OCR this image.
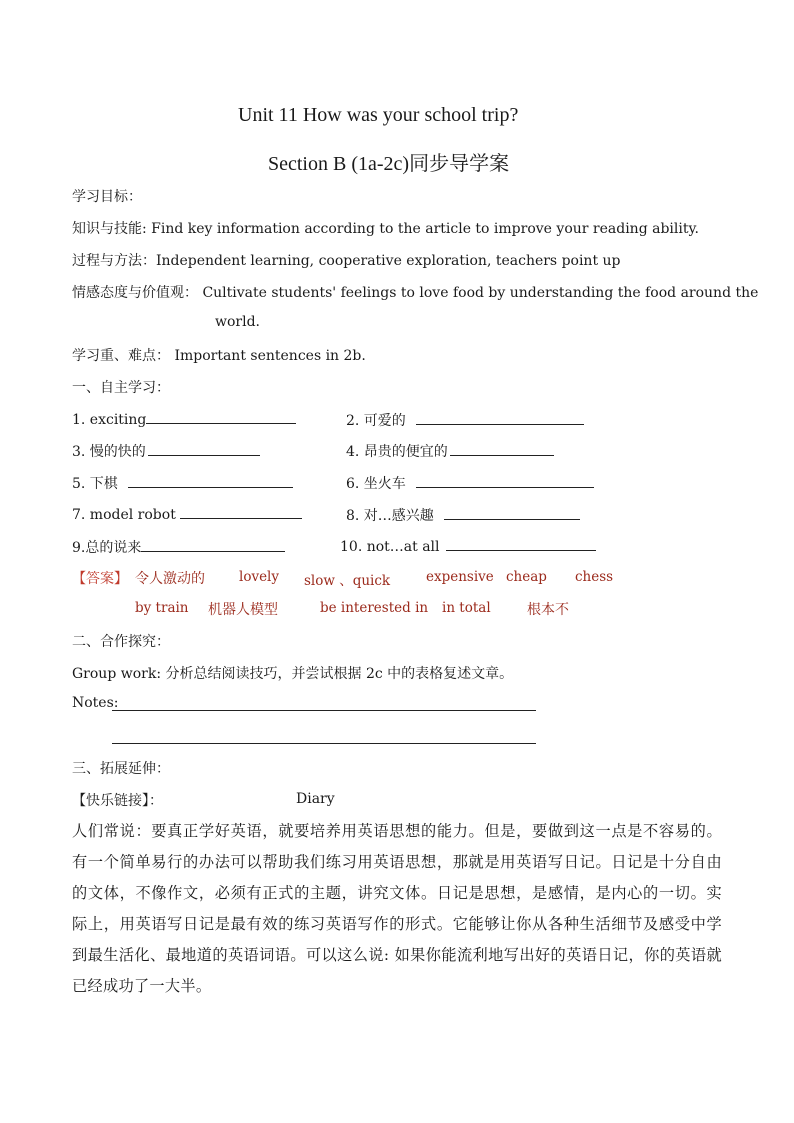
Unit 11 How was your school trip?
Section B (1a-2c)同步导学案
学习目标：
知识与技能: Find key information according to the article to improve your reading ability.
过程与方法：Independent learning, cooperative exploration, teachers point up
情感态度与价值观： Cultivate students' feelings to love food by understanding the food around the
world.
学习重、难点： Important sentences in 2b.
一、自主学习：
1. exciting	2. 可爱的
3. 慢的快的	4. 昂贵的便宜的
5. 下棋	6. 坐火车
7. model robot	8. 对…感兴趣
9.总的说来	10. not…at all
【答案】 令人激动的	lovely slow 、quick	expensive cheap chess
by train 机器人模型	be interested in in total	根本不
二、合作探究：
Group work: 分析总结阅读技巧，并尝试根据 2c 中的表格复述文章。
Notes:
三、拓展延伸：
【快乐链接】：	Diary
人们常说：要真正学好英语，就要培养用英语思想的能力。但是，要做到这一点是不容易的。有一个简单易行的办法可以帮助我们练习用英语思想，那就是用英语写日记。日记是十分自由的文体，不像作文，必须有正式的主题，讲究文体。日记是思想，是感情，是内心的一切。实际上，用英语写日记是最有效的练习英语写作的形式。它能够让你从各种生活细节及感受中学到最生活化、最地道的英语词语。可以这么说: 如果你能流利地写出好的英语日记，你的英语就已经成功了一大半。
